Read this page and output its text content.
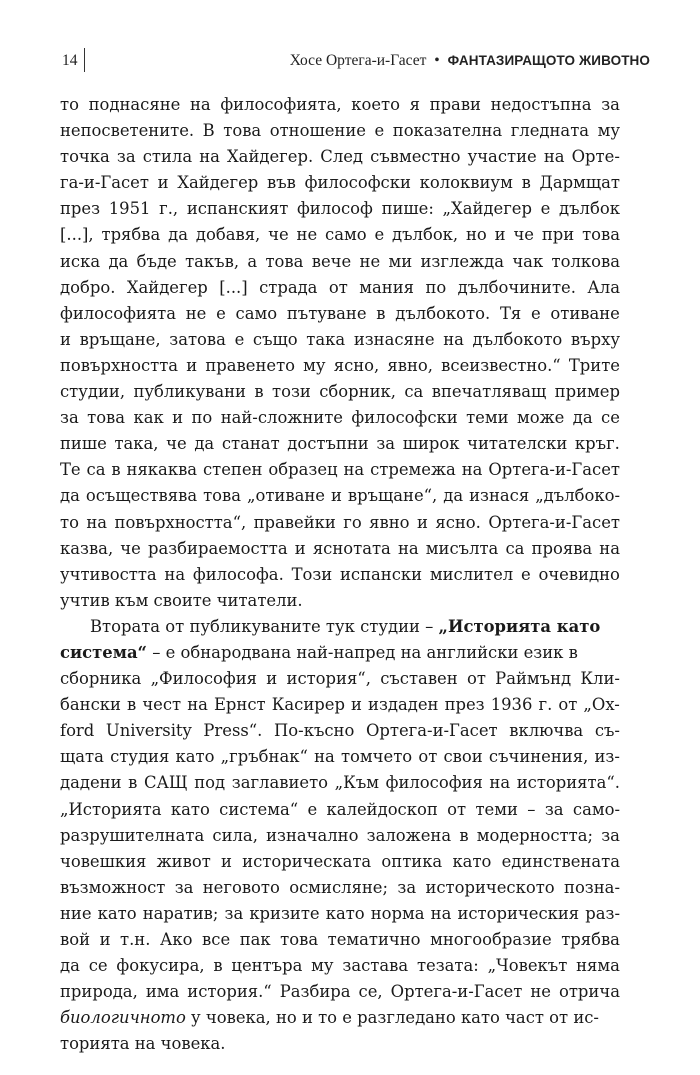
14	Хосе Ортега-и-Гасет • ФАНТАЗИРАЩОТО ЖИВОТНО
то поднасяне на философията, което я прави недостъпна за
непосветените. В това отношение е показателна гледната му
точка за стила на Хайдегер. След съвместно участие на Орте-
га-и-Гасет и Хайдегер във философски колоквиум в Дармщат
през 1951 г., испанският философ пише: „Хайдегер е дълбок
[...], трябва да добавя, че не само е дълбок, но и че при това
иска да бъде такъв, а това вече не ми изглежда чак толкова
добро. Хайдегер [...] страда от мания по дълбочините. Ала
философията не е само пътуване в дълбокото. Тя е отиване
и връщане, затова е също така изнасяне на дълбокото върху
повърхността и правенето му ясно, явно, всеизвестно.“ Трите
студии, публикувани в този сборник, са впечатляващ пример
за това как и по най-сложните философски теми може да се
пише така, че да станат достъпни за широк читателски кръг.
Те са в някаква степен образец на стремежа на Ортега-и-Гасет
да осъществява това „отиване и връщане“, да изнася „дълбоко-
то на повърхността“, правейки го явно и ясно. Ортега-и-Гасет
казва, че разбираемостта и яснотата на мисълта са проява на
учтивостта на философа. Този испански мислител е очевидно
учтив към своите читатели.
Втората от публикуваните тук студии – „Историята като
система“ – е обнародвана най-напред на английски език в
сборника „Философия и история“, съставен от Раймънд Кли-
бански в чест на Ернст Касирер и издаден през 1936 г. от „Ox-
ford University Press“. По-късно Ортега-и-Гасет включва съ-
щата студия като „гръбнак“ на томчето от свои съчинения, из-
дадени в САЩ под заглавието „Към философия на историята“.
„Историята като система“ е калейдоскоп от теми – за само-
разрушителната сила, изначално заложена в модерността; за
човешкия живот и историческата оптика като единствената
възможност за неговото осмисляне; за историческото позна-
ние като наратив; за кризите като норма на историческия раз-
вой и т.н. Ако все пак това тематично многообразие трябва
да се фокусира, в центъра му застава тезата: „Човекът няма
природа, има история.“ Разбира се, Ортега-и-Гасет не отрича
биологичното у човека, но и то е разгледано като част от ис-
торията на човека.
